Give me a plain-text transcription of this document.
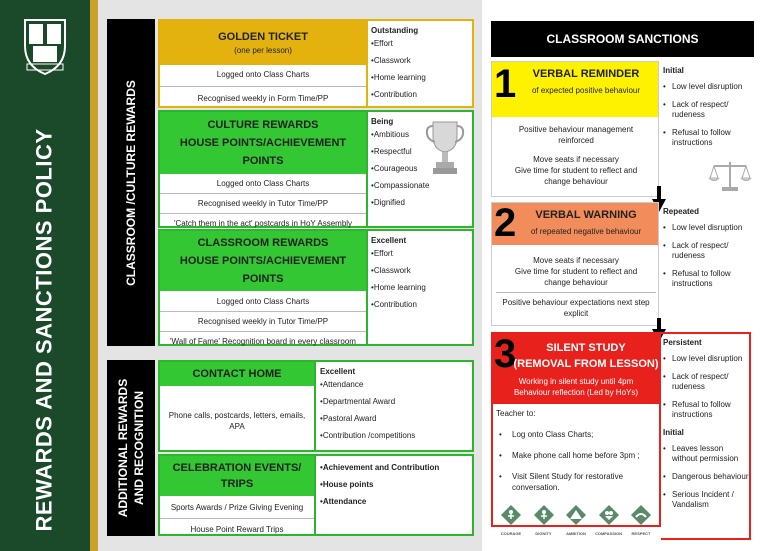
REWARDS AND SANCTIONS POLICY	CLASSROOM /CULTURE REWARDS
GOLDEN TICKET
(one per lesson)
Logged onto Class Charts
Recognised weekly in Form Time/PP
Outstanding
• Effort
• Classwork
• Home learning
• Contribution
CULTURE REWARDS
HOUSE POINTS/ACHIEVEMENT
POINTS
Logged onto Class Charts
Recognised weekly in Tutor Time/PP
'Catch them in the act' postcards in HoY Assembly
Being
• Ambitious
• Respectful
• Courageous
• Compassionate
• Dignified
CLASSROOM REWARDS
HOUSE POINTS/ACHIEVEMENT
POINTS
Logged onto Class Charts
Recognised weekly in Tutor Time/PP
'Wall of Fame' Recognition board in every classroom
Excellent
• Effort
• Classwork
• Home learning
• Contribution
ADDITIONAL REWARDS AND RECOGNITION
CONTACT HOME
Phone calls, postcards, letters, emails,
APA
Excellent
• Attendance
• Departmental Award
• Pastoral Award
• Contribution /competitions
CELEBRATION EVENTS/
TRIPS
Sports Awards / Prize Giving Evening
House Point Reward Trips
• Achievement and Contribution
• House points
• Attendance
CLASSROOM SANCTIONS
1	VERBAL REMINDER
of expected positive behaviour
Positive behaviour management
reinforced
Move seats if necessary
Give time for student to reflect and
change behaviour
Initial
• Low level disruption
• Lack of respect/ rudeness
• Refusal to follow instructions
2	VERBAL WARNING
of repeated negative behaviour
Move seats if necessary
Give time for student to reflect and
change behaviour
Positive behaviour expectations next step
explicit
Repeated
• Low level disruption
• Lack of respect/ rudeness
• Refusal to follow instructions
3	SILENT STUDY
(REMOVAL FROM LESSON)
Working in silent study until 4pm
Behaviour reflection (Led by HoYs)
Teacher to:
• Log onto Class Charts;
• Make phone call home before 3pm ;
• Visit Silent Study for restorative conversation.
Persistent
• Low level disruption
• Lack of respect/ rudeness
• Refusal to follow instructions
Initial
• Leaves lesson without permission
• Dangerous behaviour
• Serious Incident / Vandalism
COURAGE	DIGNITY	AMBITION	COMPASSION	RESPECT
